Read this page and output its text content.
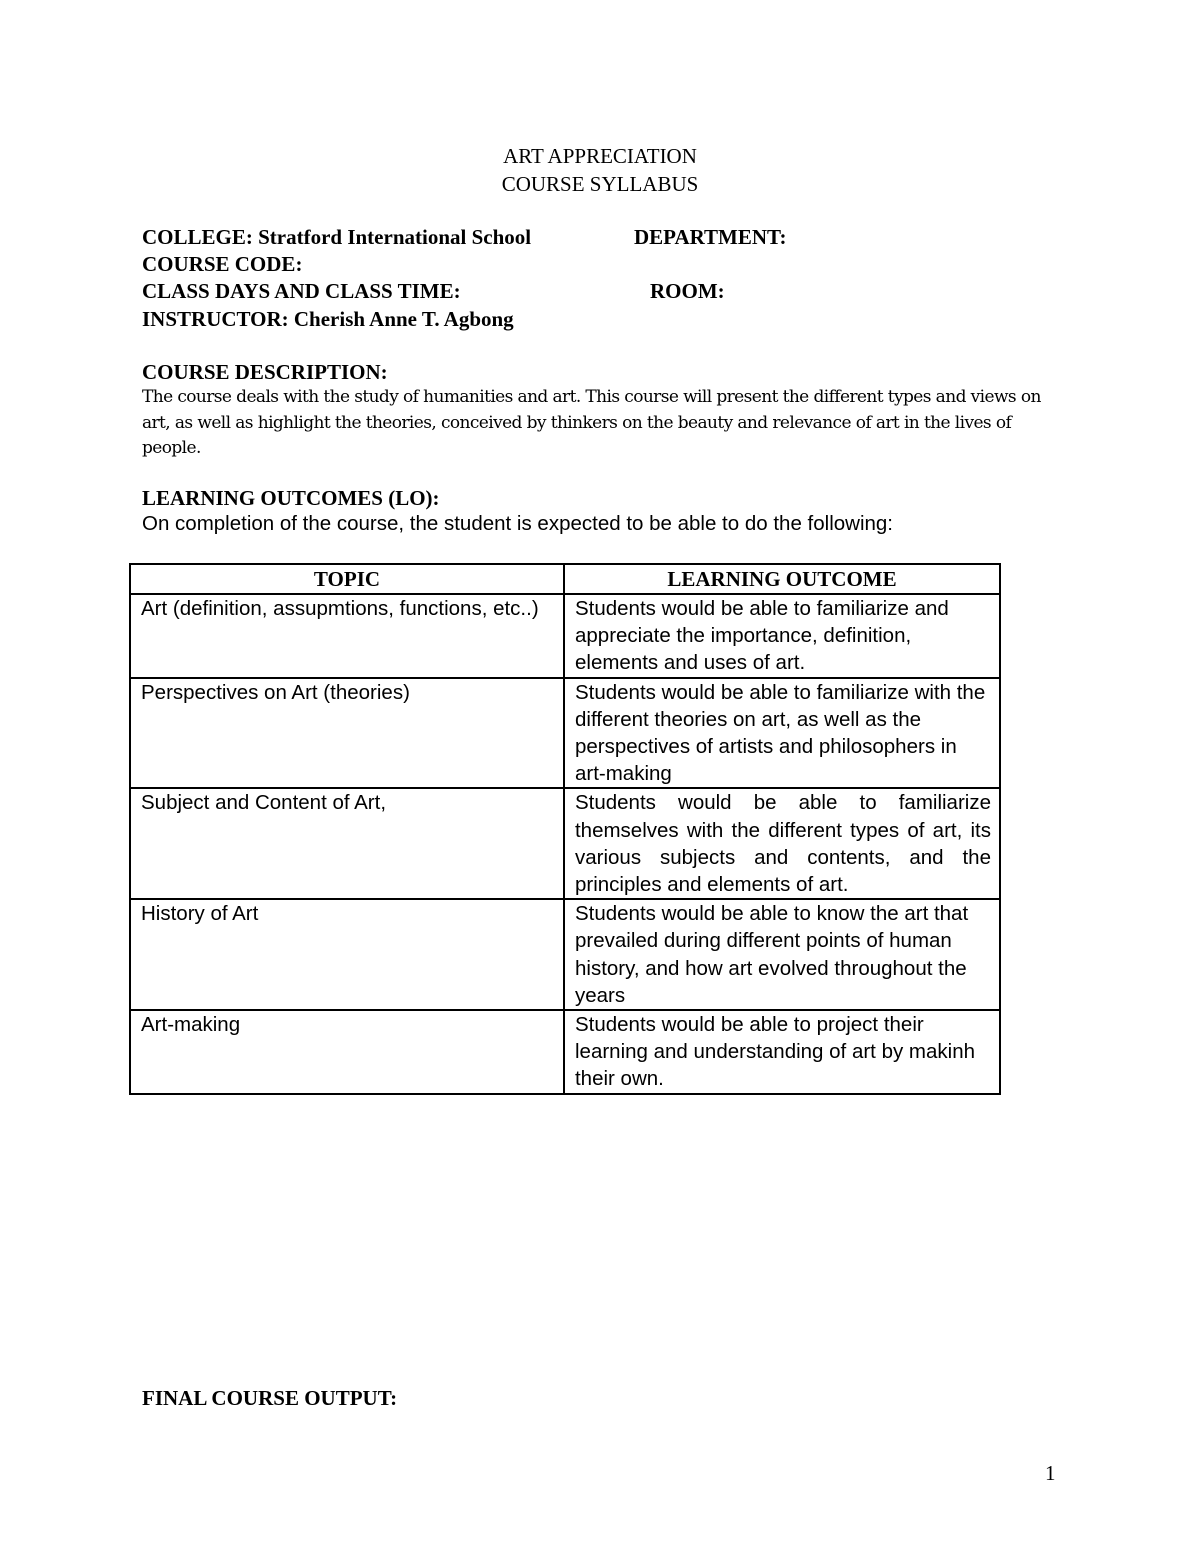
ART APPRECIATION
COURSE SYLLABUS
COLLEGE: Stratford International School	DEPARTMENT:
COURSE CODE:
CLASS DAYS AND CLASS TIME:	ROOM:
INSTRUCTOR: Cherish Anne T. Agbong
COURSE DESCRIPTION:
The course deals with the study of humanities and art. This course will present the different types and views on art, as well as highlight the theories, conceived by thinkers on the beauty and relevance of art in the lives of people.
LEARNING OUTCOMES (LO):
On completion of the course, the student is expected to be able to do the following:
TOPIC	LEARNING OUTCOME
Art (definition, assupmtions, functions, etc..)	Students would be able to familiarize and appreciate the importance, definition, elements and uses of art.
Perspectives on Art (theories)	Students would be able to familiarize with the different theories on art, as well as the perspectives of artists and philosophers in art-making
Subject and Content of Art,	Students would be able to familiarize themselves with the different types of art, its various subjects and contents, and the principles and elements of art.
History of Art	Students would be able to know the art that prevailed during different points of human history, and how art evolved throughout the years
Art-making	Students would be able to project their learning and understanding of art by makinh their own.
FINAL COURSE OUTPUT:
1
